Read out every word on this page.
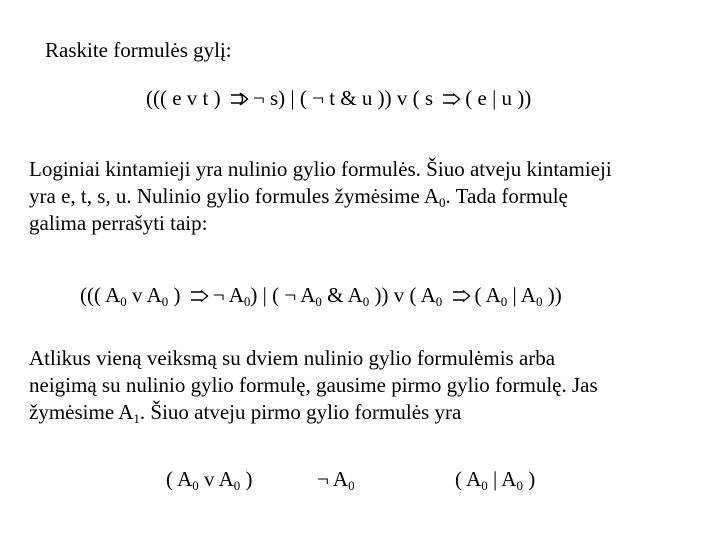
Raskite formulės gylį:
((( e v t )
¬ s) | ( ¬ t & u )) v ( s
( e | u ))
Loginiai kintamieji yra nulinio gylio formulės. Šiuo atveju kintamieji
yra e, t, s, u. Nulinio gylio formules žymėsime $A_0$. Tada formulę
galima perrašyti taip:
((( $A_0$ v $A_0$ )
¬ $A_0$) | ( ¬ $A_0$ & $A_0$ )) v ( $A_0$ ( $A_0$ | $A_0$ ))
Atlikus vieną veiksmą su dviem nulinio gylio formulėmis arba
neigimą su nulinio gylio formulę, gausime pirmo gylio formulę. Jas
žymėsime $A_1$. Šiuo atveju pirmo gylio formulės yra
( $A_0$ v $A_0$ )	¬ $A_0$	( $A_0$ | $A_0$ )
